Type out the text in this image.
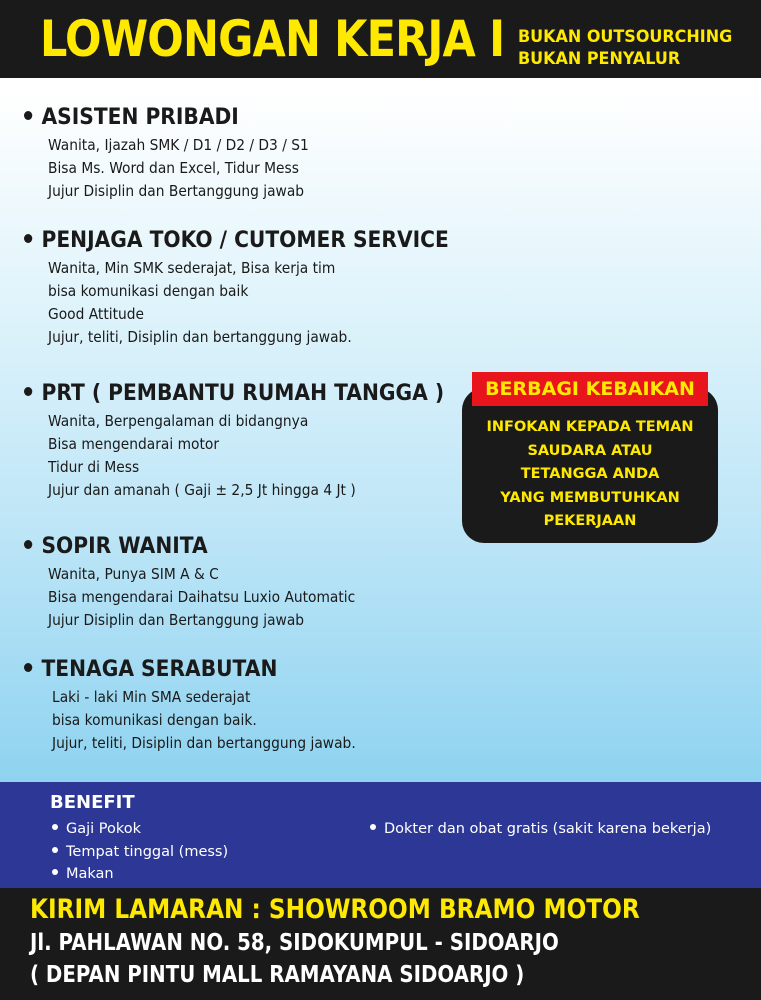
LOWONGAN KERJA I BUKAN OUTSOURCHING
BUKAN PENYALUR
ASISTEN PRIBADI
Wanita, Ijazah SMK / D1 / D2 / D3 / S1
Bisa Ms. Word dan Excel, Tidur Mess
Jujur Disiplin dan Bertanggung jawab
PENJAGA TOKO / CUTOMER SERVICE
Wanita, Min SMK sederajat, Bisa kerja tim
bisa komunikasi dengan baik
Good Attitude
Jujur, teliti, Disiplin dan bertanggung jawab.
PRT ( PEMBANTU RUMAH TANGGA )
Wanita, Berpengalaman di bidangnya
Bisa mengendarai motor
Tidur di Mess
Jujur dan amanah ( Gaji ± 2,5 Jt hingga 4 Jt )
SOPIR WANITA
Wanita, Punya SIM A & C
Bisa mengendarai Daihatsu Luxio Automatic
Jujur Disiplin dan Bertanggung jawab
TENAGA SERABUTAN
Laki - laki Min SMA sederajat
bisa komunikasi dengan baik.
Jujur, teliti, Disiplin dan bertanggung jawab.
BERBAGI KEBAIKAN
INFOKAN KEPADA TEMAN
SAUDARA ATAU
TETANGGA ANDA
YANG MEMBUTUHKAN
PEKERJAAN
BENEFIT
Gaji Pokok
Tempat tinggal (mess)
Makan
Dokter dan obat gratis (sakit karena bekerja)
KIRIM LAMARAN : SHOWROOM BRAMO MOTOR
Jl. PAHLAWAN NO. 58, SIDOKUMPUL - SIDOARJO
( DEPAN PINTU MALL RAMAYANA SIDOARJO )
